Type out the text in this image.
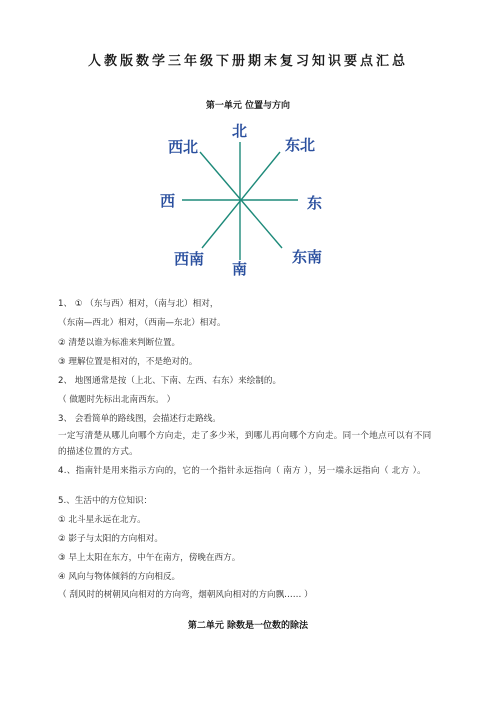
人教版数学三年级下册期末复习知识要点汇总
第一单元 位置与方向
北
西北	东北
西	东
西南
南
东南
1、 ① （东与西）相对，（南与北）相对，
（东南—西北）相对，（西南—东北）相对。
② 清楚以谁为标准来判断位置。
③ 理解位置是相对的，不是绝对的。
2、 地图通常是按（上北、下南、左西、右东）来绘制的。
（ 做题时先标出北南西东。 ）
3、 会看简单的路线图，会描述行走路线。
一定写清楚从哪儿向哪个方向走，走了多少米，到哪儿再向哪个方向走。同一个地点可以有不同的描述位置的方式。
4.、指南针是用来指示方向的，它的一个指针永远指向（ 南方 ），另一端永远指向（ 北方 ）。
5.、生活中的方位知识：
① 北斗星永远在北方。
② 影子与太阳的方向相对。
③ 早上太阳在东方，中午在南方，傍晚在西方。
④ 风向与物体倾斜的方向相反。
（ 刮风时的树朝风向相对的方向弯，烟朝风向相对的方向飘…… ）
第二单元 除数是一位数的除法
